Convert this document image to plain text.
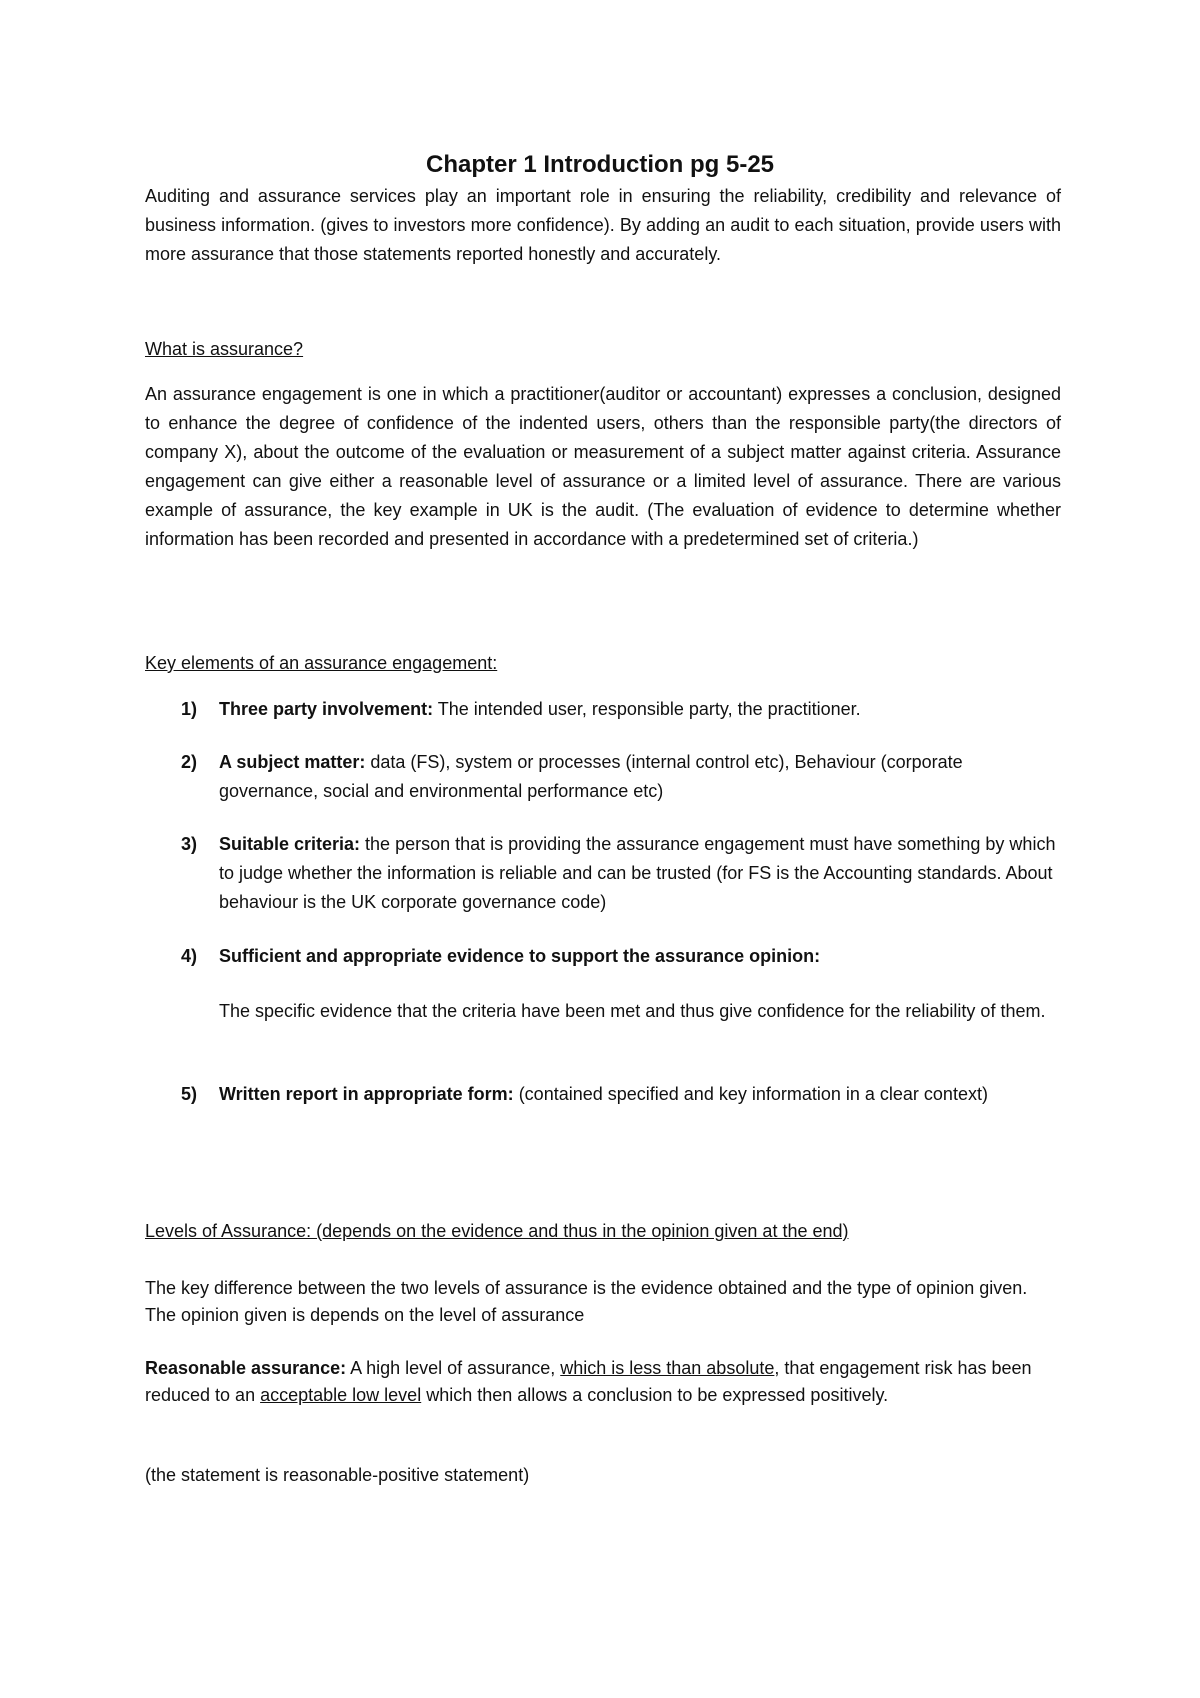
Chapter 1 Introduction pg 5-25

Auditing and assurance services play an important role in ensuring the reliability, credibility and relevance of business information. (gives to investors more confidence). By adding an audit to each situation, provide users with more assurance that those statements reported honestly and accurately.

What is assurance?

An assurance engagement is one in which a practitioner(auditor or accountant) expresses a conclusion, designed to enhance the degree of confidence of the indented users, others than the responsible party(the directors of company X), about the outcome of the evaluation or measurement of a subject matter against criteria. Assurance engagement can give either a reasonable level of assurance or a limited level of assurance. There are various example of assurance, the key example in UK is the audit. (The evaluation of evidence to determine whether information has been recorded and presented in accordance with a predetermined set of criteria.)

Key elements of an assurance engagement:

1) Three party involvement: The intended user, responsible party, the practitioner.
2) A subject matter: data (FS), system or processes (internal control etc), Behaviour (corporate governance, social and environmental performance etc)
3) Suitable criteria: the person that is providing the assurance engagement must have something by which to judge whether the information is reliable and can be trusted (for FS is the Accounting standards. About behaviour is the UK corporate governance code)
4) Sufficient and appropriate evidence to support the assurance opinion:

The specific evidence that the criteria have been met and thus give confidence for the reliability of them.

5) Written report in appropriate form: (contained specified and key information in a clear context)

Levels of Assurance: (depends on the evidence and thus in the opinion given at the end)

The key difference between the two levels of assurance is the evidence obtained and the type of opinion given. The opinion given is depends on the level of assurance

Reasonable assurance: A high level of assurance, which is less than absolute, that engagement risk has been reduced to an acceptable low level which then allows a conclusion to be expressed positively.

(the statement is reasonable-positive statement)
